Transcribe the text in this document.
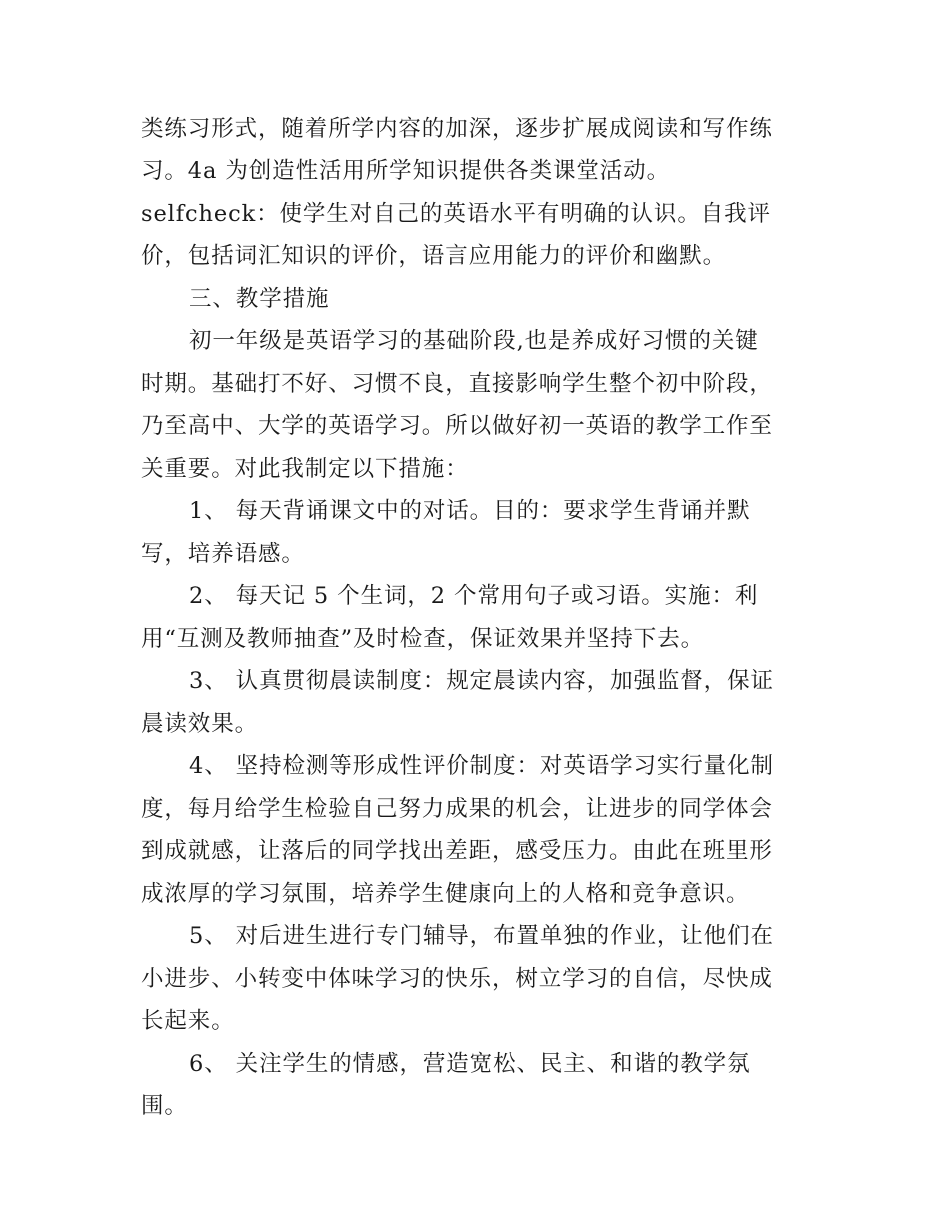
类练习形式，随着所学内容的加深，逐步扩展成阅读和写作练
习。4a 为创造性活用所学知识提供各类课堂活动。
selfcheck：使学生对自己的英语水平有明确的认识。自我评
价，包括词汇知识的评价，语言应用能力的评价和幽默。
三、教学措施
初一年级是英语学习的基础阶段,也是养成好习惯的关键
时期。基础打不好、习惯不良，直接影响学生整个初中阶段，
乃至高中、大学的英语学习。所以做好初一英语的教学工作至
关重要。对此我制定以下措施：
1、 每天背诵课文中的对话。目的：要求学生背诵并默
写，培养语感。
2、 每天记 5 个生词，2 个常用句子或习语。实施：利
用“互测及教师抽查”及时检查，保证效果并坚持下去。
3、 认真贯彻晨读制度：规定晨读内容，加强监督，保证
晨读效果。
4、 坚持检测等形成性评价制度：对英语学习实行量化制
度，每月给学生检验自己努力成果的机会，让进步的同学体会
到成就感，让落后的同学找出差距，感受压力。由此在班里形
成浓厚的学习氛围，培养学生健康向上的人格和竞争意识。
5、 对后进生进行专门辅导，布置单独的作业，让他们在
小进步、小转变中体味学习的快乐，树立学习的自信，尽快成
长起来。
6、 关注学生的情感，营造宽松、民主、和谐的教学氛
围。
